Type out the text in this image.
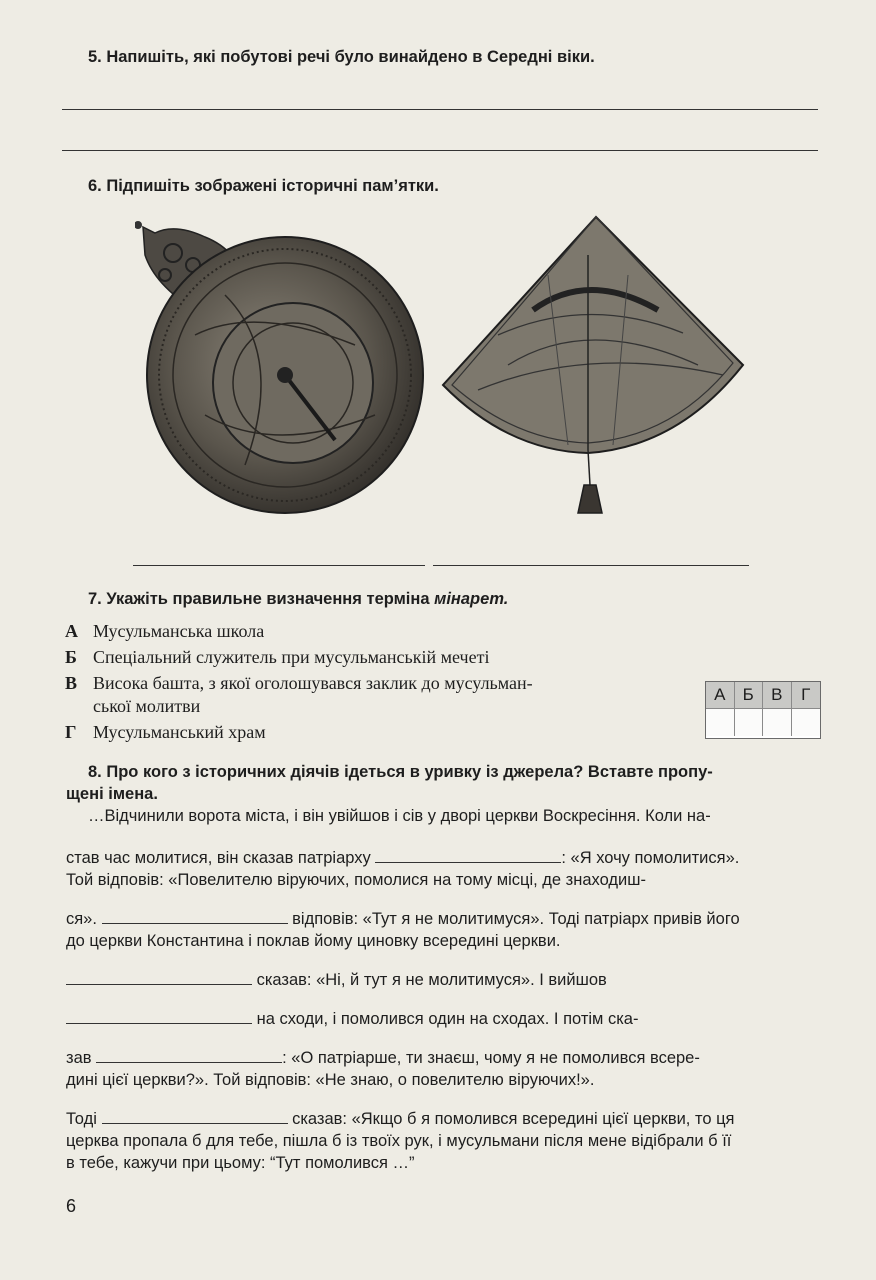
5. Напишіть, які побутові речі було винайдено в Середні віки.
6. Підпишіть зображені історичні пам’ятки.
7. Укажіть правильне визначення терміна мінарет.
А Мусульманська школа
Б Спеціальний служитель при мусульманській мечеті
В Висока башта, з якої оголошувався заклик до мусульман-
ської молитви
Г Мусульманський храм
А	Б	В	Г
8. Про кого з історичних діячів ідеться в уривку із джерела? Вставте пропу-
щені імена.
…Відчинили ворота міста, і він увійшов і сів у дворі церкви Воскресіння. Коли на-
став час молитися, він сказав патріарху	: «Я хочу помолитися».
Той відповів: «Повелителю віруючих, помолися на тому місці, де знаходиш-
ся».	відповів: «Тут я не молитимуся». Тоді патріарх привів його
до церкви Константина і поклав йому циновку всередині церкви.
сказав: «Ні, й тут я не молитимуся». І вийшов
на сходи, і помолився один на сходах. І потім ска-
зав	: «О патріарше, ти знаєш, чому я не помолився всере-
дині цієї церкви?». Той відповів: «Не знаю, о повелителю віруючих!».
Тоді	сказав: «Якщо б я помолився всередині цієї церкви, то ця
церква пропала б для тебе, пішла б із твоїх рук, і мусульмани після мене відібрали б її
в тебе, кажучи при цьому: “Тут помолився …”
6
